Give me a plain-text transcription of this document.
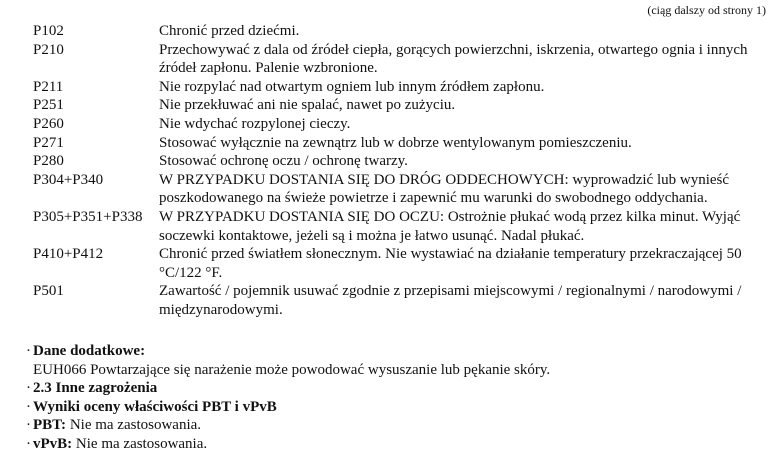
(ciąg dalszy od strony 1)
P102	Chronić przed dziećmi.
P210	Przechowywać z dala od źródeł ciepła, gorących powierzchni, iskrzenia, otwartego ognia i innych źródeł zapłonu. Palenie wzbronione.
P211	Nie rozpylać nad otwartym ogniem lub innym źródłem zapłonu.
P251	Nie przekłuwać ani nie spalać, nawet po zużyciu.
P260	Nie wdychać rozpylonej cieczy.
P271	Stosować wyłącznie na zewnątrz lub w dobrze wentylowanym pomieszczeniu.
P280	Stosować ochronę oczu / ochronę twarzy.
P304+P340	W PRZYPADKU DOSTANIA SIĘ DO DRÓG ODDECHOWYCH: wyprowadzić lub wynieść poszkodowanego na świeże powietrze i zapewnić mu warunki do swobodnego oddychania.
P305+P351+P338	W PRZYPADKU DOSTANIA SIĘ DO OCZU: Ostrożnie płukać wodą przez kilka minut. Wyjąć soczewki kontaktowe, jeżeli są i można je łatwo usunąć. Nadal płukać.
P410+P412	Chronić przed światłem słonecznym. Nie wystawiać na działanie temperatury przekraczającej 50 °C/122 °F.
P501	Zawartość / pojemnik usuwać zgodnie z przepisami miejscowymi / regionalnymi / narodowymi / międzynarodowymi.
· Dane dodatkowe:
EUH066 Powtarzające się narażenie może powodować wysuszanie lub pękanie skóry.
· 2.3 Inne zagrożenia
· Wyniki oceny właściwości PBT i vPvB
· PBT: Nie ma zastosowania.
· vPvB: Nie ma zastosowania.
